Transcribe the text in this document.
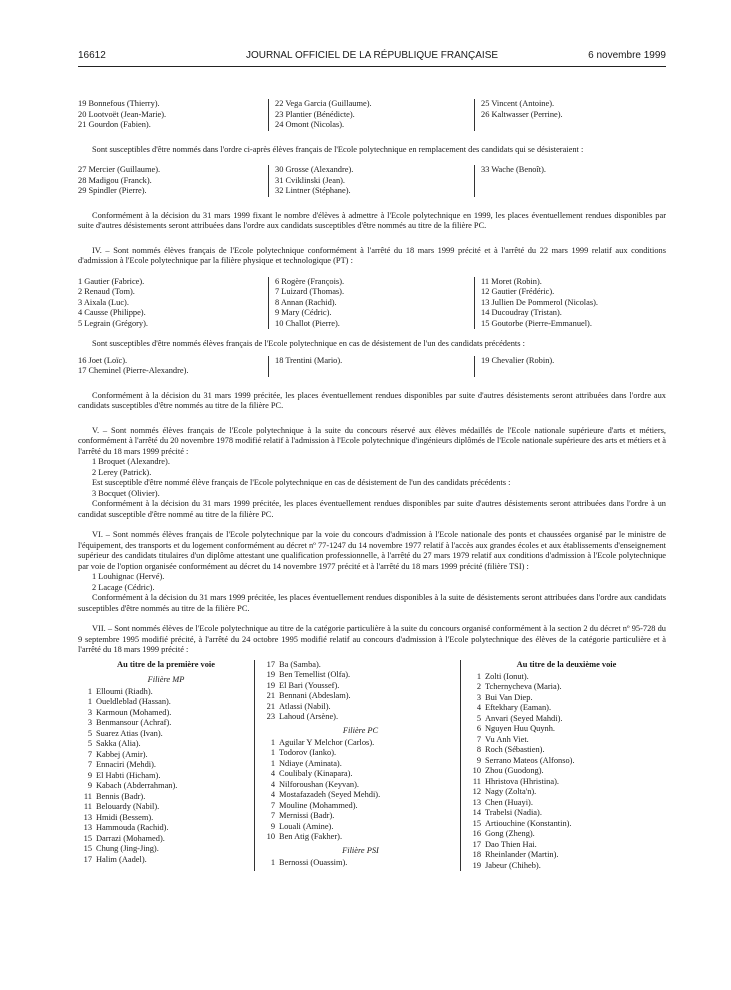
16612	JOURNAL OFFICIEL DE LA RÉPUBLIQUE FRANÇAISE	6 novembre 1999
19 Bonnefous (Thierry).
20 Lootvoët (Jean-Marie).
21 Gourdon (Fabien).
22 Vega Garcia (Guillaume).
23 Plantier (Bénédicte).
24 Omont (Nicolas).
25 Vincent (Antoine).
26 Kaltwasser (Perrine).

Sont susceptibles d'être nommés dans l'ordre ci-après élèves français de l'Ecole polytechnique en remplacement des candidats qui se désisteraient :

27 Mercier (Guillaume).
28 Madigou (Franck).
29 Spindler (Pierre).
30 Grosse (Alexandre).
31 Cviklinski (Jean).
32 Lintner (Stéphane).
33 Wache (Benoît).

Conformément à la décision du 31 mars 1999 fixant le nombre d'élèves à admettre à l'Ecole polytechnique en 1999, les places éventuellement rendues disponibles par suite d'autres désistements seront attribuées dans l'ordre aux candidats susceptibles d'être nommés au titre de la filière PC.

IV. – Sont nommés élèves français de l'Ecole polytechnique conformément à l'arrêté du 18 mars 1999 précité et à l'arrêté du 22 mars 1999 relatif aux conditions d'admission à l'Ecole polytechnique par la filière physique et technologique (PT) :

1 Gautier (Fabrice).
2 Renaud (Tom).
3 Aixala (Luc).
4 Causse (Philippe).
5 Legrain (Grégory).
6 Rogère (François).
7 Luizard (Thomas).
8 Annan (Rachid).
9 Mary (Cédric).
10 Challot (Pierre).
11 Moret (Robin).
12 Gautier (Frédéric).
13 Jullien De Pommerol (Nicolas).
14 Ducoudray (Tristan).
15 Goutorbe (Pierre-Emmanuel).

Sont susceptibles d'être nommés élèves français de l'Ecole polytechnique en cas de désistement de l'un des candidats précédents :

16 Joet (Loïc).
17 Cheminel (Pierre-Alexandre).
18 Trentini (Mario).	19 Chevalier (Robin).

Conformément à la décision du 31 mars 1999 précitée, les places éventuellement rendues disponibles par suite d'autres désistements seront attribuées dans l'ordre aux candidats susceptibles d'être nommés au titre de la filière PC.

V. – Sont nommés élèves français de l'Ecole polytechnique à la suite du concours réservé aux élèves médaillés de l'Ecole nationale supérieure d'arts et métiers, conformément à l'arrêté du 20 novembre 1978 modifié relatif à l'admission à l'Ecole polytechnique d'ingénieurs diplômés de l'Ecole nationale supérieure des arts et métiers et à l'arrêté du 18 mars 1999 précité :

1 Broquet (Alexandre).
2 Lerey (Patrick).

Est susceptible d'être nommé élève français de l'Ecole polytechnique en cas de désistement de l'un des candidats précédents :

3 Bocquet (Olivier).

Conformément à la décision du 31 mars 1999 précitée, les places éventuellement rendues disponibles par suite d'autres désistements seront attribuées dans l'ordre à un candidat susceptible d'être nommé au titre de la filière PC.

VI. – Sont nommés élèves français de l'Ecole polytechnique par la voie du concours d'admission à l'Ecole nationale des ponts et chaussées organisé par le ministre de l'équipement, des transports et du logement conformément au décret nº 77-1247 du 14 novembre 1977 relatif à l'accès aux grandes écoles et aux établissements d'enseignement supérieur des candidats titulaires d'un diplôme attestant une qualification professionnelle, à l'arrêté du 27 mars 1979 relatif aux conditions d'admission à l'Ecole polytechnique par voie de l'option organisée conformément au décret du 14 novembre 1977 précité et à l'arrêté du 18 mars 1999 précité (filière TSI) :

1 Louhignac (Hervé).
2 Lacage (Cédric).

Conformément à la décision du 31 mars 1999 précitée, les places éventuellement rendues disponibles à la suite de désistements seront attribuées dans l'ordre aux candidats susceptibles d'être nommés au titre de la filière PC.

VII. – Sont nommés élèves de l'Ecole polytechnique au titre de la catégorie particulière à la suite du concours organisé conformément à la section 2 du décret nº 95-728 du 9 septembre 1995 modifié précité, à l'arrêté du 24 octobre 1995 modifié relatif au concours d'admission à l'Ecole polytechnique des élèves de la catégorie particulière et à l'arrêté du 18 mars 1999 précité :

Au titre de la première voie
Filière MP
1 Elloumi (Riadh).
1 Oueldleblad (Hassan).
3 Karmoun (Mohamed).
3 Benmansour (Achraf).
5 Suarez Atias (Ivan).
5 Sakka (Alia).
7 Kabbej (Amir).
7 Ennaciri (Mehdi).
9 El Habti (Hicham).
9 Kabach (Abderrahman).
11 Bennis (Badr).
11 Belouardy (Nabil).
13 Hmidi (Bessem).
13 Hammouda (Rachid).
15 Darrazi (Mohamed).
15 Chung (Jing-Jing).
17 Halim (Aadel).
17 Ba (Samba).
19 Ben Temellist (Olfa).
19 El Bari (Youssef).
21 Bennani (Abdeslam).
21 Atlassi (Nabil).
23 Lahoud (Arsène).
Filière PC
1 Aguilar Y Melchor (Carlos).
1 Todorov (Ianko).
1 Ndiaye (Aminata).
4 Coulibaly (Kinapara).
4 Nilforoushan (Keyvan).
4 Mostafazadeh (Seyed Mehdi).
7 Mouline (Mohammed).
7 Mernissi (Badr).
9 Louali (Amine).
10 Ben Atig (Fakher).
Filière PSI
1 Bernossi (Ouassim).
Au titre de la deuxième voie
1 Zolti (Ionut).
2 Tchernycheva (Maria).
3 Bui Van Diep.
4 Eftekhary (Eaman).
5 Anvari (Seyed Mahdi).
6 Nguyen Huu Quynh.
7 Vu Anh Viet.
8 Roch (Sébastien).
9 Serrano Mateos (Alfonso).
10 Zhou (Guodong).
11 Hhristova (Hhristina).
12 Nagy (Zolta'n).
13 Chen (Huayi).
14 Trabelsi (Nadia).
15 Artiouchine (Konstantin).
16 Gong (Zheng).
17 Dao Thien Hai.
18 Rheinlander (Martin).
19 Jabeur (Chiheb).
